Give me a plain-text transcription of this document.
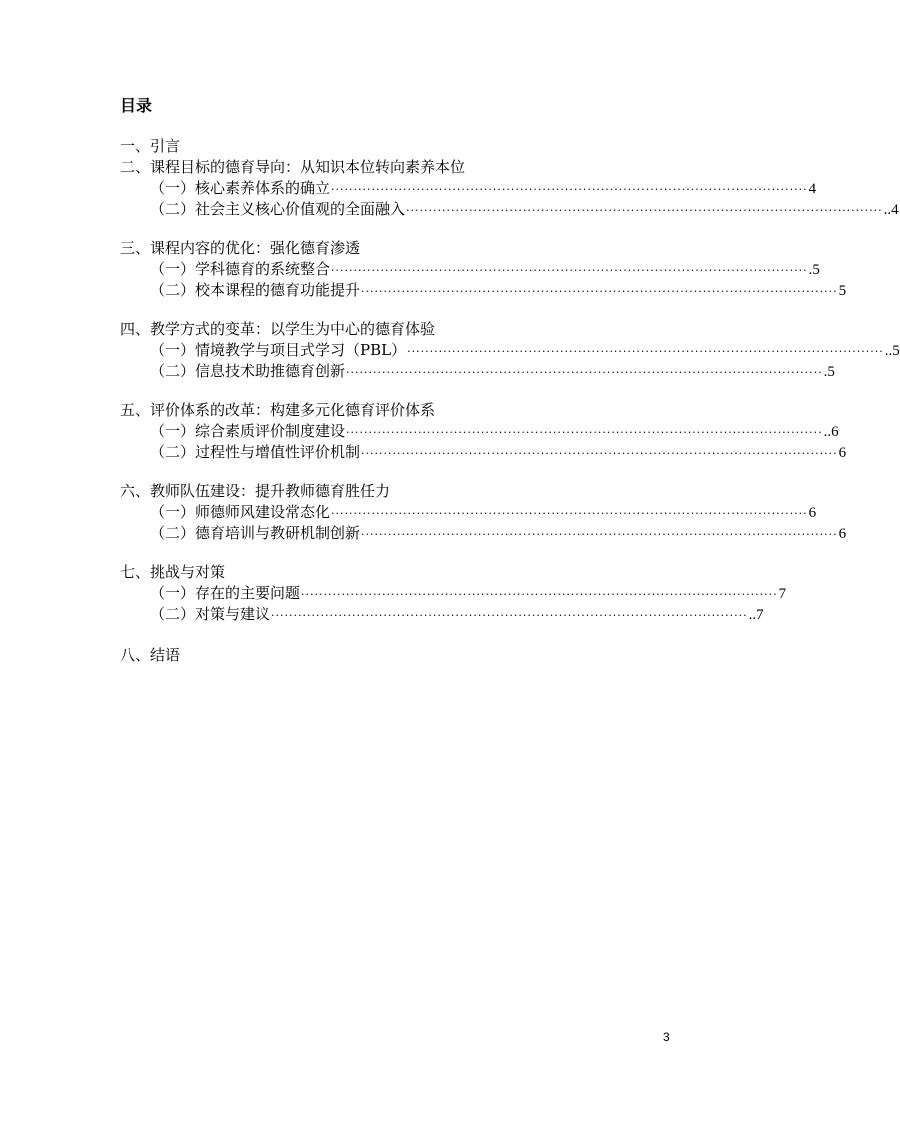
目录
一、引言
二、课程目标的德育导向：从知识本位转向素养本位
（一）核心素养体系的确立 ·········································································································· 4
（二）社会主义核心价值观的全面融入 ·········································································································· ..4
三、课程内容的优化：强化德育渗透
（一）学科德育的系统整合 ·········································································································· .5
（二）校本课程的德育功能提升 ·········································································································· 5
四、教学方式的变革：以学生为中心的德育体验
（一）情境教学与项目式学习（PBL） ·········································································································· ..5
（二）信息技术助推德育创新 ·········································································································· .5
五、评价体系的改革：构建多元化德育评价体系
（一）综合素质评价制度建设 ·········································································································· ..6
（二）过程性与增值性评价机制 ·········································································································· 6
六、教师队伍建设：提升教师德育胜任力
（一）师德师风建设常态化 ·········································································································· 6
（二）德育培训与教研机制创新 ·········································································································· 6
七、挑战与对策
（一）存在的主要问题 ·········································································································· 7
（二）对策与建议 ·········································································································· ..7
八、结语
3
